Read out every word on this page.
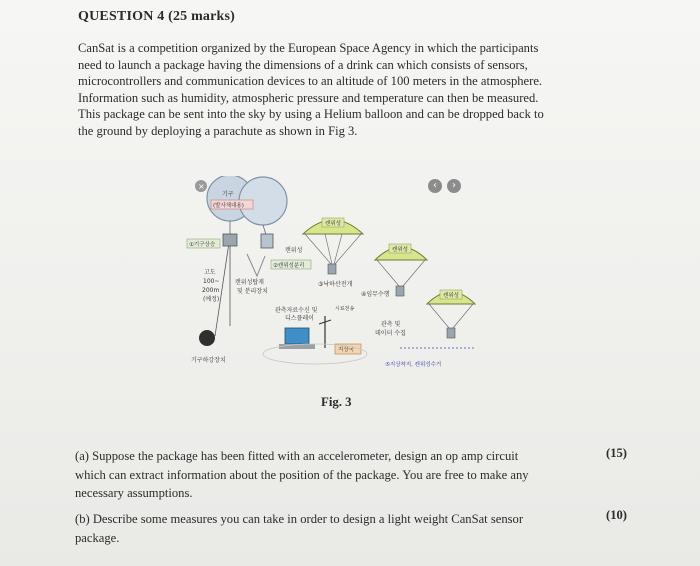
QUESTION 4 (25 marks)
CanSat is a competition organized by the European Space Agency in which the participants
need to launch a package having the dimensions of a drink can which consists of sensors,
microcontrollers and communication devices to an altitude of 100 meters in the atmosphere.
Information such as humidity, atmospheric pressure and temperature can then be measured.
This package can be sent into the sky by using a Helium balloon and can be dropped back to
the ground by deploying a parachute as shown in Fig 3.
×
기구
(발사체대용)
①기구상승
캔위성
②캔위성분리
고도
100~
200m
(예정)
캔위성탑재
및 분리장치
캔위성
캔위성
캔위성
③낙하산전개
④임무수행
관측자료수신 및
디스플레이
시료전송
관측 및
데이터 수집
지상국
기구하강장치
⑤지상착지, 캔위성수거
‹	›
Fig. 3
(a) Suppose the package has been fitted with an accelerometer, design an op amp circuit
which can extract information about the position of the package. You are free to make any
necessary assumptions.
(15)
(b) Describe some measures you can take in order to design a light weight CanSat sensor
package.
(10)
